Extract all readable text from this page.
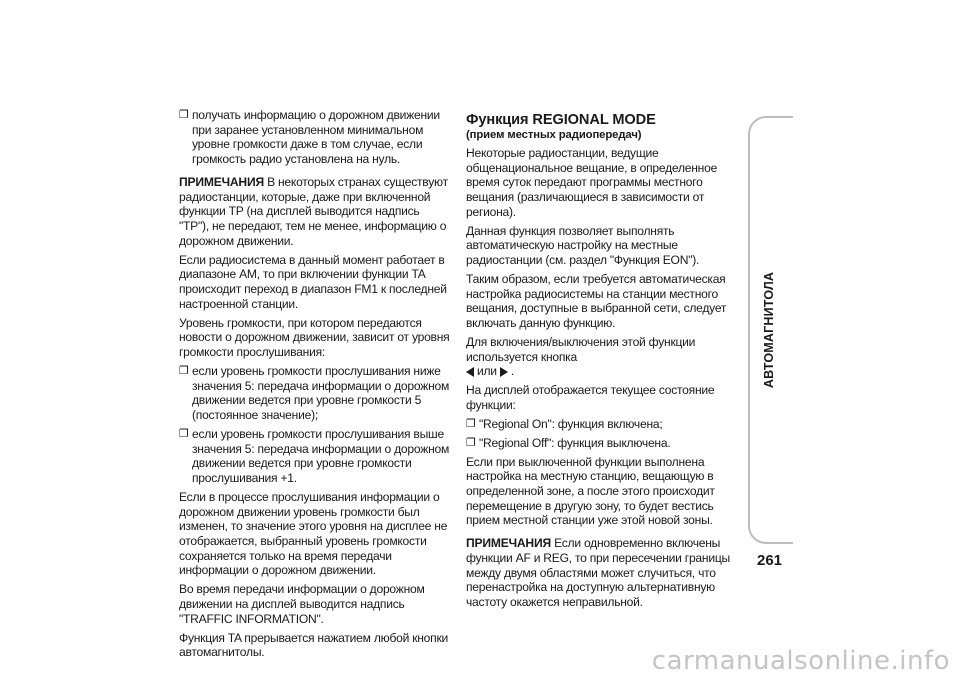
❐ получать информацию о дорожном движении при заранее установленном минимальном уровне громкости даже в том случае, если громкость радио установлена на нуль.

ПРИМЕЧАНИЯ В некоторых странах существуют радиостанции, которые, даже при включенной функции TP (на дисплей выводится надпись "TP"), не передают, тем не менее, информацию о дорожном движении.

Если радиосистема в данный момент работает в диапазоне AM, то при включении функции TA происходит переход в диапазон FM1 к последней настроенной станции.

Уровень громкости, при котором передаются новости о дорожном движении, зависит от уровня громкости прослушивания:

❐ если уровень громкости прослушивания ниже значения 5: передача информации о дорожном движении ведется при уровне громкости 5 (постоянное значение);
❐ если уровень громкости прослушивания выше значения 5: передача информации о дорожном движении ведется при уровне громкости прослушивания +1.

Если в процессе прослушивания информации о дорожном движении уровень громкости был изменен, то значение этого уровня на дисплее не отображается, выбранный уровень громкости сохраняется только на время передачи информации о дорожном движении.

Во время передачи информации о дорожном движении на дисплей выводится надпись "TRAFFIC INFORMATION".

Функция TA прерывается нажатием любой кнопки автомагнитолы.

Функция REGIONAL MODE
(прием местных радиопередач)

Некоторые радиостанции, ведущие общенациональное вещание, в определенное время суток передают программы местного вещания (различающиеся в зависимости от региона).

Данная функция позволяет выполнять автоматическую настройку на местные радиостанции (см. раздел "Функция EON").

Таким образом, если требуется автоматическая настройка радиосистемы на станции местного вещания, доступные в выбранной сети, следует включать данную функцию.

Для включения/выключения этой функции используется кнопка

или .

На дисплей отображается текущее состояние функции:

❐ "Regional On": функция включена;
❐ "Regional Off": функция выключена.

Если при выключенной функции выполнена настройка на местную станцию, вещающую в определенной зоне, а после этого происходит перемещение в другую зону, то будет вестись прием местной станции уже этой новой зоны.

ПРИМЕЧАНИЯ Если одновременно включены функции AF и REG, то при пересечении границы между двумя областями может случиться, что перенастройка на доступную альтернативную частоту окажется неправильной.

АВТОМАГНИТОЛА
261
carmanualsonline.info
